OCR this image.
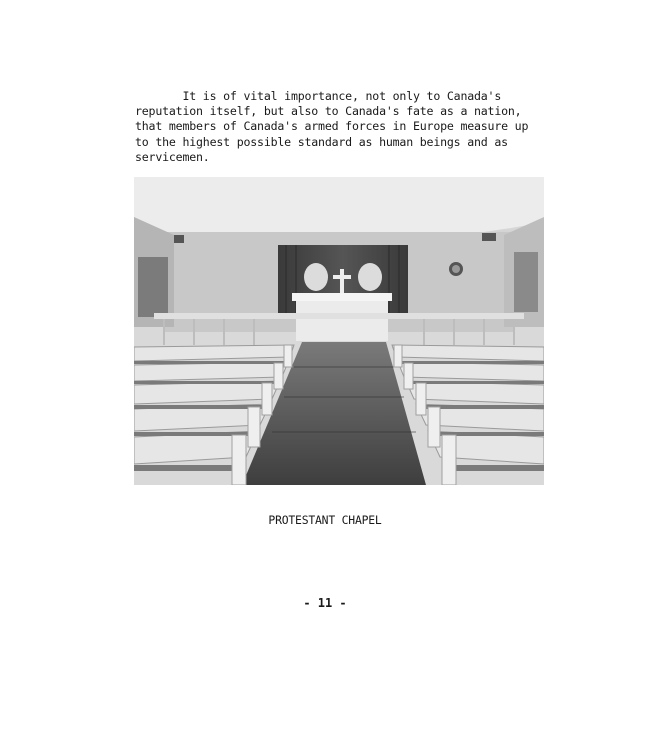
It is of vital importance, not only to Canada's
reputation itself, but also to Canada's fate as a nation,
that members of Canada's armed forces in Europe measure up
to the highest possible standard as human beings and as
servicemen.

PROTESTANT CHAPEL
- 11 -
